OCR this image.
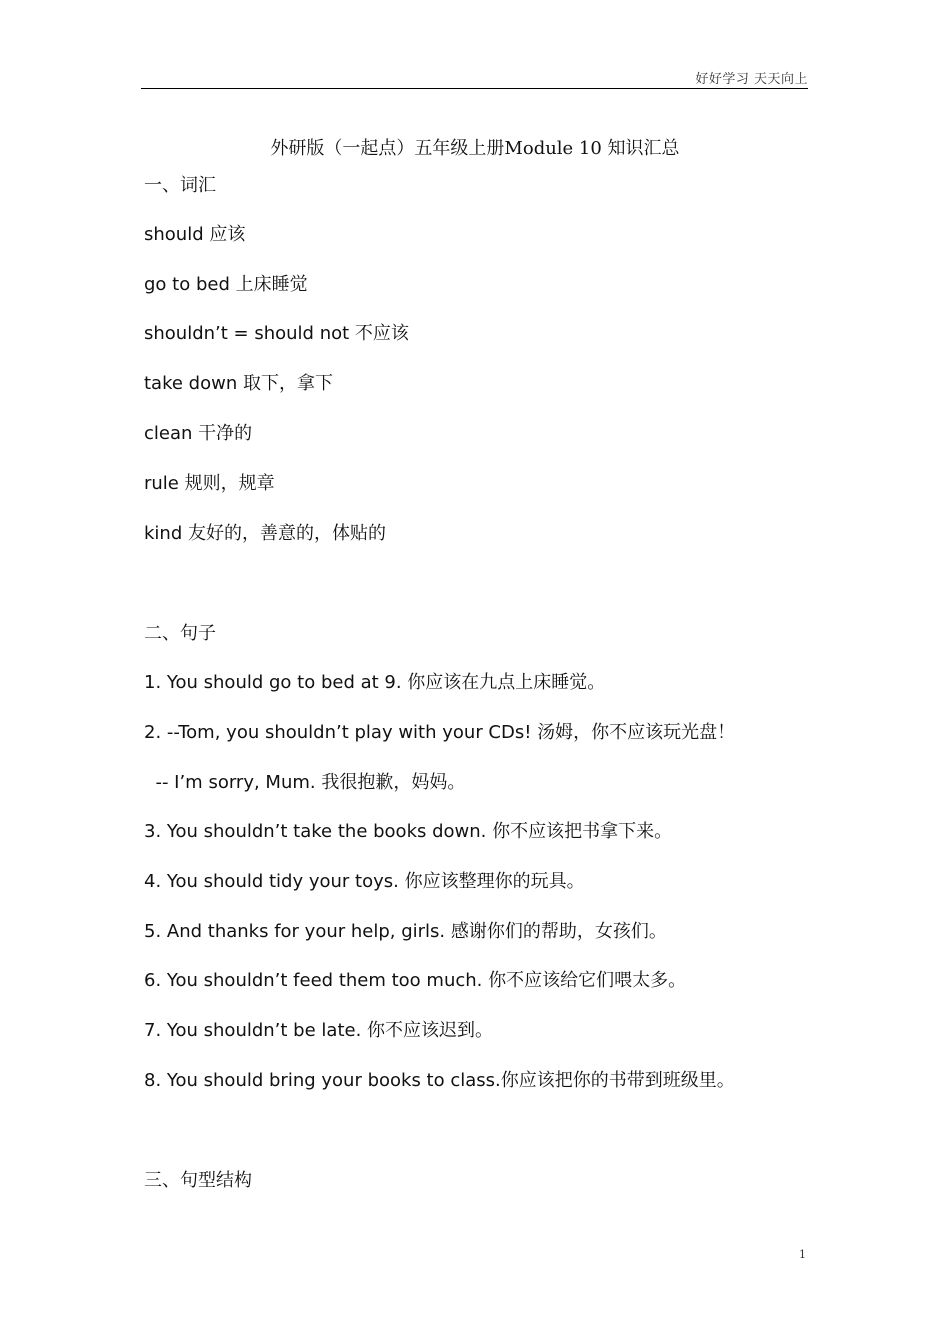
好好学习 天天向上
外研版（一起点）五年级上册Module 10 知识汇总
一、词汇
should 应该
go to bed 上床睡觉
shouldn’t = should not 不应该
take down 取下，拿下
clean 干净的
rule 规则，规章
kind 友好的，善意的，体贴的
二、句子
1. You should go to bed at 9. 你应该在九点上床睡觉。
2. --Tom, you shouldn’t play with your CDs! 汤姆，你不应该玩光盘！
-- I’m sorry, Mum. 我很抱歉，妈妈。
3. You shouldn’t take the books down. 你不应该把书拿下来。
4. You should tidy your toys. 你应该整理你的玩具。
5. And thanks for your help, girls. 感谢你们的帮助，女孩们。
6. You shouldn’t feed them too much. 你不应该给它们喂太多。
7. You shouldn’t be late. 你不应该迟到。
8. You should bring your books to class.你应该把你的书带到班级里。
三、句型结构
1
